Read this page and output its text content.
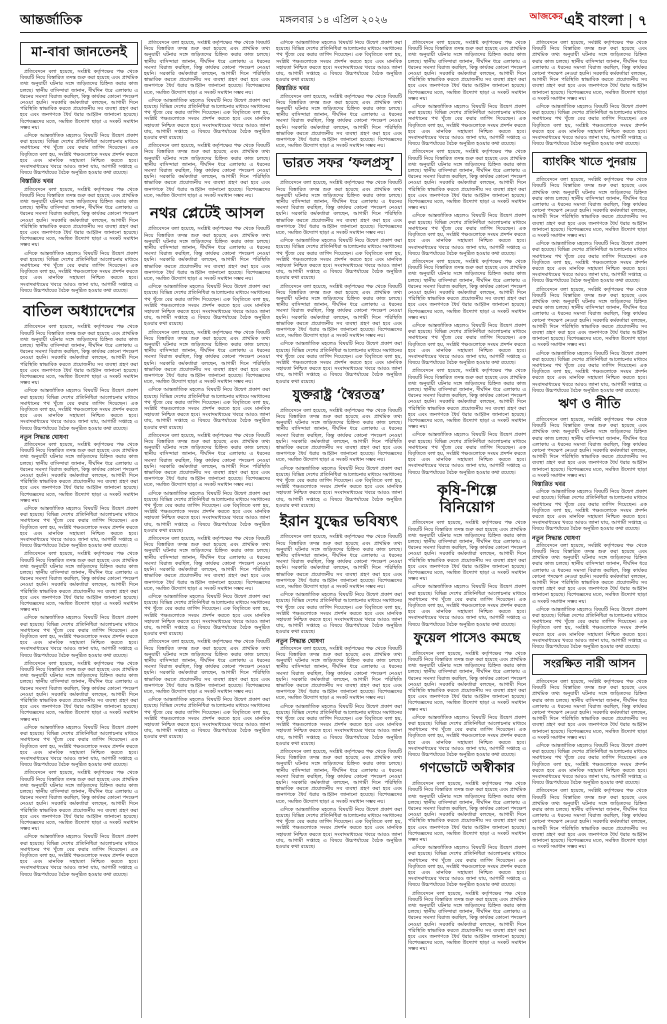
আন্তর্জাতিক	মঙ্গলবার ১৪ এপ্রিল ২০২৬	$^{আজকের}$এই বাংলা | ৭
মা-বাবা জানতেনই

প্রতিবেদনে বলা হয়েছে, সংশ্লিষ্ট কর্তৃপক্ষের পক্ষ থেকে বিষয়টি নিয়ে বিস্তারিত তদন্ত শুরু করা হয়েছে এবং প্রাথমিক তথ্য অনুযায়ী ঘটনার সঙ্গে জড়িতদের চিহ্নিত করার কাজ চলছে। স্থানীয় বাসিন্দারা জানান, দীর্ঘদিন ধরে এলাকায় এ ধরনের সমস্যা বিরাজ করছিল, কিন্তু কার্যকর কোনো পদক্ষেপ নেওয়া হয়নি। সরকারি কর্মকর্তারা বলছেন, আগামী দিনে পরিস্থিতি স্বাভাবিক করতে প্রয়োজনীয় সব ব্যবস্থা গ্রহণ করা হবে এবং জনগণকে ধৈর্য ধরার আহ্বান জানানো হয়েছে। বিশেষজ্ঞদের মতে, সমন্বিত উদ্যোগ ছাড়া এ সংকট সমাধান সম্ভব নয়।

এদিকে আন্তর্জাতিক মহলেও বিষয়টি নিয়ে উদ্বেগ প্রকাশ করা হয়েছে। বিভিন্ন দেশের প্রতিনিধিরা আলোচনার মাধ্যমে সমাধানের পথ খুঁজে বের করার তাগিদ দিয়েছেন। এক বিবৃতিতে বলা হয়, সংশ্লিষ্ট পক্ষগুলোকে সংযম প্রদর্শন করতে হবে এবং মানবিক সহায়তা নিশ্চিত করতে হবে। সংবাদমাধ্যমের খবরে আরও জানা যায়, আগামী সপ্তাহে এ বিষয়ে উচ্চপর্যায়ের বৈঠক অনুষ্ঠিত হওয়ার কথা রয়েছে।

বিস্তারিত খবর

প্রতিবেদনে বলা হয়েছে, সংশ্লিষ্ট কর্তৃপক্ষের পক্ষ থেকে বিষয়টি নিয়ে বিস্তারিত তদন্ত শুরু করা হয়েছে এবং প্রাথমিক তথ্য অনুযায়ী ঘটনার সঙ্গে জড়িতদের চিহ্নিত করার কাজ চলছে। স্থানীয় বাসিন্দারা জানান, দীর্ঘদিন ধরে এলাকায় এ ধরনের সমস্যা বিরাজ করছিল, কিন্তু কার্যকর কোনো পদক্ষেপ নেওয়া হয়নি। সরকারি কর্মকর্তারা বলছেন, আগামী দিনে পরিস্থিতি স্বাভাবিক করতে প্রয়োজনীয় সব ব্যবস্থা গ্রহণ করা হবে এবং জনগণকে ধৈর্য ধরার আহ্বান জানানো হয়েছে। বিশেষজ্ঞদের মতে, সমন্বিত উদ্যোগ ছাড়া এ সংকট সমাধান সম্ভব নয়।

এদিকে আন্তর্জাতিক মহলেও বিষয়টি নিয়ে উদ্বেগ প্রকাশ করা হয়েছে। বিভিন্ন দেশের প্রতিনিধিরা আলোচনার মাধ্যমে সমাধানের পথ খুঁজে বের করার তাগিদ দিয়েছেন। এক বিবৃতিতে বলা হয়, সংশ্লিষ্ট পক্ষগুলোকে সংযম প্রদর্শন করতে হবে এবং মানবিক সহায়তা নিশ্চিত করতে হবে। সংবাদমাধ্যমের খবরে আরও জানা যায়, আগামী সপ্তাহে এ বিষয়ে উচ্চপর্যায়ের বৈঠক অনুষ্ঠিত হওয়ার কথা রয়েছে।

বাতিল অধ্যাদেশের

প্রতিবেদনে বলা হয়েছে, সংশ্লিষ্ট কর্তৃপক্ষের পক্ষ থেকে বিষয়টি নিয়ে বিস্তারিত তদন্ত শুরু করা হয়েছে এবং প্রাথমিক তথ্য অনুযায়ী ঘটনার সঙ্গে জড়িতদের চিহ্নিত করার কাজ চলছে। স্থানীয় বাসিন্দারা জানান, দীর্ঘদিন ধরে এলাকায় এ ধরনের সমস্যা বিরাজ করছিল, কিন্তু কার্যকর কোনো পদক্ষেপ নেওয়া হয়নি। সরকারি কর্মকর্তারা বলছেন, আগামী দিনে পরিস্থিতি স্বাভাবিক করতে প্রয়োজনীয় সব ব্যবস্থা গ্রহণ করা হবে এবং জনগণকে ধৈর্য ধরার আহ্বান জানানো হয়েছে। বিশেষজ্ঞদের মতে, সমন্বিত উদ্যোগ ছাড়া এ সংকট সমাধান সম্ভব নয়।

এদিকে আন্তর্জাতিক মহলেও বিষয়টি নিয়ে উদ্বেগ প্রকাশ করা হয়েছে। বিভিন্ন দেশের প্রতিনিধিরা আলোচনার মাধ্যমে সমাধানের পথ খুঁজে বের করার তাগিদ দিয়েছেন। এক বিবৃতিতে বলা হয়, সংশ্লিষ্ট পক্ষগুলোকে সংযম প্রদর্শন করতে হবে এবং মানবিক সহায়তা নিশ্চিত করতে হবে। সংবাদমাধ্যমের খবরে আরও জানা যায়, আগামী সপ্তাহে এ বিষয়ে উচ্চপর্যায়ের বৈঠক অনুষ্ঠিত হওয়ার কথা রয়েছে।

নতুন সিদ্ধান্ত ঘোষণা

প্রতিবেদনে বলা হয়েছে, সংশ্লিষ্ট কর্তৃপক্ষের পক্ষ থেকে বিষয়টি নিয়ে বিস্তারিত তদন্ত শুরু করা হয়েছে এবং প্রাথমিক তথ্য অনুযায়ী ঘটনার সঙ্গে জড়িতদের চিহ্নিত করার কাজ চলছে। স্থানীয় বাসিন্দারা জানান, দীর্ঘদিন ধরে এলাকায় এ ধরনের সমস্যা বিরাজ করছিল, কিন্তু কার্যকর কোনো পদক্ষেপ নেওয়া হয়নি। সরকারি কর্মকর্তারা বলছেন, আগামী দিনে পরিস্থিতি স্বাভাবিক করতে প্রয়োজনীয় সব ব্যবস্থা গ্রহণ করা হবে এবং জনগণকে ধৈর্য ধরার আহ্বান জানানো হয়েছে। বিশেষজ্ঞদের মতে, সমন্বিত উদ্যোগ ছাড়া এ সংকট সমাধান সম্ভব নয়।

এদিকে আন্তর্জাতিক মহলেও বিষয়টি নিয়ে উদ্বেগ প্রকাশ করা হয়েছে। বিভিন্ন দেশের প্রতিনিধিরা আলোচনার মাধ্যমে সমাধানের পথ খুঁজে বের করার তাগিদ দিয়েছেন। এক বিবৃতিতে বলা হয়, সংশ্লিষ্ট পক্ষগুলোকে সংযম প্রদর্শন করতে হবে এবং মানবিক সহায়তা নিশ্চিত করতে হবে। সংবাদমাধ্যমের খবরে আরও জানা যায়, আগামী সপ্তাহে এ বিষয়ে উচ্চপর্যায়ের বৈঠক অনুষ্ঠিত হওয়ার কথা রয়েছে।

প্রতিবেদনে বলা হয়েছে, সংশ্লিষ্ট কর্তৃপক্ষের পক্ষ থেকে বিষয়টি নিয়ে বিস্তারিত তদন্ত শুরু করা হয়েছে এবং প্রাথমিক তথ্য অনুযায়ী ঘটনার সঙ্গে জড়িতদের চিহ্নিত করার কাজ চলছে। স্থানীয় বাসিন্দারা জানান, দীর্ঘদিন ধরে এলাকায় এ ধরনের সমস্যা বিরাজ করছিল, কিন্তু কার্যকর কোনো পদক্ষেপ নেওয়া হয়নি। সরকারি কর্মকর্তারা বলছেন, আগামী দিনে পরিস্থিতি স্বাভাবিক করতে প্রয়োজনীয় সব ব্যবস্থা গ্রহণ করা হবে এবং জনগণকে ধৈর্য ধরার আহ্বান জানানো হয়েছে। বিশেষজ্ঞদের মতে, সমন্বিত উদ্যোগ ছাড়া এ সংকট সমাধান সম্ভব নয়।

এদিকে আন্তর্জাতিক মহলেও বিষয়টি নিয়ে উদ্বেগ প্রকাশ করা হয়েছে। বিভিন্ন দেশের প্রতিনিধিরা আলোচনার মাধ্যমে সমাধানের পথ খুঁজে বের করার তাগিদ দিয়েছেন। এক বিবৃতিতে বলা হয়, সংশ্লিষ্ট পক্ষগুলোকে সংযম প্রদর্শন করতে হবে এবং মানবিক সহায়তা নিশ্চিত করতে হবে। সংবাদমাধ্যমের খবরে আরও জানা যায়, আগামী সপ্তাহে এ বিষয়ে উচ্চপর্যায়ের বৈঠক অনুষ্ঠিত হওয়ার কথা রয়েছে।

প্রতিবেদনে বলা হয়েছে, সংশ্লিষ্ট কর্তৃপক্ষের পক্ষ থেকে বিষয়টি নিয়ে বিস্তারিত তদন্ত শুরু করা হয়েছে এবং প্রাথমিক তথ্য অনুযায়ী ঘটনার সঙ্গে জড়িতদের চিহ্নিত করার কাজ চলছে। স্থানীয় বাসিন্দারা জানান, দীর্ঘদিন ধরে এলাকায় এ ধরনের সমস্যা বিরাজ করছিল, কিন্তু কার্যকর কোনো পদক্ষেপ নেওয়া হয়নি। সরকারি কর্মকর্তারা বলছেন, আগামী দিনে পরিস্থিতি স্বাভাবিক করতে প্রয়োজনীয় সব ব্যবস্থা গ্রহণ করা হবে এবং জনগণকে ধৈর্য ধরার আহ্বান জানানো হয়েছে। বিশেষজ্ঞদের মতে, সমন্বিত উদ্যোগ ছাড়া এ সংকট সমাধান সম্ভব নয়।

এদিকে আন্তর্জাতিক মহলেও বিষয়টি নিয়ে উদ্বেগ প্রকাশ করা হয়েছে। বিভিন্ন দেশের প্রতিনিধিরা আলোচনার মাধ্যমে সমাধানের পথ খুঁজে বের করার তাগিদ দিয়েছেন। এক বিবৃতিতে বলা হয়, সংশ্লিষ্ট পক্ষগুলোকে সংযম প্রদর্শন করতে হবে এবং মানবিক সহায়তা নিশ্চিত করতে হবে। সংবাদমাধ্যমের খবরে আরও জানা যায়, আগামী সপ্তাহে এ বিষয়ে উচ্চপর্যায়ের বৈঠক অনুষ্ঠিত হওয়ার কথা রয়েছে।

প্রতিবেদনে বলা হয়েছে, সংশ্লিষ্ট কর্তৃপক্ষের পক্ষ থেকে বিষয়টি নিয়ে বিস্তারিত তদন্ত শুরু করা হয়েছে এবং প্রাথমিক তথ্য অনুযায়ী ঘটনার সঙ্গে জড়িতদের চিহ্নিত করার কাজ চলছে। স্থানীয় বাসিন্দারা জানান, দীর্ঘদিন ধরে এলাকায় এ ধরনের সমস্যা বিরাজ করছিল, কিন্তু কার্যকর কোনো পদক্ষেপ নেওয়া হয়নি। সরকারি কর্মকর্তারা বলছেন, আগামী দিনে পরিস্থিতি স্বাভাবিক করতে প্রয়োজনীয় সব ব্যবস্থা গ্রহণ করা হবে এবং জনগণকে ধৈর্য ধরার আহ্বান জানানো হয়েছে। বিশেষজ্ঞদের মতে, সমন্বিত উদ্যোগ ছাড়া এ সংকট সমাধান সম্ভব নয়।

এদিকে আন্তর্জাতিক মহলেও বিষয়টি নিয়ে উদ্বেগ প্রকাশ করা হয়েছে। বিভিন্ন দেশের প্রতিনিধিরা আলোচনার মাধ্যমে সমাধানের পথ খুঁজে বের করার তাগিদ দিয়েছেন। এক বিবৃতিতে বলা হয়, সংশ্লিষ্ট পক্ষগুলোকে সংযম প্রদর্শন করতে হবে এবং মানবিক সহায়তা নিশ্চিত করতে হবে। সংবাদমাধ্যমের খবরে আরও জানা যায়, আগামী সপ্তাহে এ বিষয়ে উচ্চপর্যায়ের বৈঠক অনুষ্ঠিত হওয়ার কথা রয়েছে।

প্রতিবেদনে বলা হয়েছে, সংশ্লিষ্ট কর্তৃপক্ষের পক্ষ থেকে বিষয়টি নিয়ে বিস্তারিত তদন্ত শুরু করা হয়েছে এবং প্রাথমিক তথ্য অনুযায়ী ঘটনার সঙ্গে জড়িতদের চিহ্নিত করার কাজ চলছে। স্থানীয় বাসিন্দারা জানান, দীর্ঘদিন ধরে এলাকায় এ ধরনের সমস্যা বিরাজ করছিল, কিন্তু কার্যকর কোনো পদক্ষেপ নেওয়া হয়নি। সরকারি কর্মকর্তারা বলছেন, আগামী দিনে পরিস্থিতি স্বাভাবিক করতে প্রয়োজনীয় সব ব্যবস্থা গ্রহণ করা হবে এবং জনগণকে ধৈর্য ধরার আহ্বান জানানো হয়েছে। বিশেষজ্ঞদের মতে, সমন্বিত উদ্যোগ ছাড়া এ সংকট সমাধান সম্ভব নয়।

এদিকে আন্তর্জাতিক মহলেও বিষয়টি নিয়ে উদ্বেগ প্রকাশ করা হয়েছে। বিভিন্ন দেশের প্রতিনিধিরা আলোচনার মাধ্যমে সমাধানের পথ খুঁজে বের করার তাগিদ দিয়েছেন। এক বিবৃতিতে বলা হয়, সংশ্লিষ্ট পক্ষগুলোকে সংযম প্রদর্শন করতে হবে এবং মানবিক সহায়তা নিশ্চিত করতে হবে। সংবাদমাধ্যমের খবরে আরও জানা যায়, আগামী সপ্তাহে এ বিষয়ে উচ্চপর্যায়ের বৈঠক অনুষ্ঠিত হওয়ার কথা রয়েছে।

প্রতিবেদনে বলা হয়েছে, সংশ্লিষ্ট কর্তৃপক্ষের পক্ষ থেকে বিষয়টি নিয়ে বিস্তারিত তদন্ত শুরু করা হয়েছে এবং প্রাথমিক তথ্য অনুযায়ী ঘটনার সঙ্গে জড়িতদের চিহ্নিত করার কাজ চলছে। স্থানীয় বাসিন্দারা জানান, দীর্ঘদিন ধরে এলাকায় এ ধরনের সমস্যা বিরাজ করছিল, কিন্তু কার্যকর কোনো পদক্ষেপ নেওয়া হয়নি। সরকারি কর্মকর্তারা বলছেন, আগামী দিনে পরিস্থিতি স্বাভাবিক করতে প্রয়োজনীয় সব ব্যবস্থা গ্রহণ করা হবে এবং জনগণকে ধৈর্য ধরার আহ্বান জানানো হয়েছে। বিশেষজ্ঞদের মতে, সমন্বিত উদ্যোগ ছাড়া এ সংকট সমাধান সম্ভব নয়।

নথর প্লেটেই আসল

প্রতিবেদনে বলা হয়েছে, সংশ্লিষ্ট কর্তৃপক্ষের পক্ষ থেকে বিষয়টি নিয়ে বিস্তারিত তদন্ত শুরু করা হয়েছে এবং প্রাথমিক তথ্য অনুযায়ী ঘটনার সঙ্গে জড়িতদের চিহ্নিত করার কাজ চলছে। স্থানীয় বাসিন্দারা জানান, দীর্ঘদিন ধরে এলাকায় এ ধরনের সমস্যা বিরাজ করছিল, কিন্তু কার্যকর কোনো পদক্ষেপ নেওয়া হয়নি। সরকারি কর্মকর্তারা বলছেন, আগামী দিনে পরিস্থিতি স্বাভাবিক করতে প্রয়োজনীয় সব ব্যবস্থা গ্রহণ করা হবে এবং জনগণকে ধৈর্য ধরার আহ্বান জানানো হয়েছে। বিশেষজ্ঞদের মতে, সমন্বিত উদ্যোগ ছাড়া এ সংকট সমাধান সম্ভব নয়।

এদিকে আন্তর্জাতিক মহলেও বিষয়টি নিয়ে উদ্বেগ প্রকাশ করা হয়েছে। বিভিন্ন দেশের প্রতিনিধিরা আলোচনার মাধ্যমে সমাধানের পথ খুঁজে বের করার তাগিদ দিয়েছেন। এক বিবৃতিতে বলা হয়, সংশ্লিষ্ট পক্ষগুলোকে সংযম প্রদর্শন করতে হবে এবং মানবিক সহায়তা নিশ্চিত করতে হবে। সংবাদমাধ্যমের খবরে আরও জানা যায়, আগামী সপ্তাহে এ বিষয়ে উচ্চপর্যায়ের বৈঠক অনুষ্ঠিত হওয়ার কথা রয়েছে।

প্রতিবেদনে বলা হয়েছে, সংশ্লিষ্ট কর্তৃপক্ষের পক্ষ থেকে বিষয়টি নিয়ে বিস্তারিত তদন্ত শুরু করা হয়েছে এবং প্রাথমিক তথ্য অনুযায়ী ঘটনার সঙ্গে জড়িতদের চিহ্নিত করার কাজ চলছে। স্থানীয় বাসিন্দারা জানান, দীর্ঘদিন ধরে এলাকায় এ ধরনের সমস্যা বিরাজ করছিল, কিন্তু কার্যকর কোনো পদক্ষেপ নেওয়া হয়নি। সরকারি কর্মকর্তারা বলছেন, আগামী দিনে পরিস্থিতি স্বাভাবিক করতে প্রয়োজনীয় সব ব্যবস্থা গ্রহণ করা হবে এবং জনগণকে ধৈর্য ধরার আহ্বান জানানো হয়েছে। বিশেষজ্ঞদের মতে, সমন্বিত উদ্যোগ ছাড়া এ সংকট সমাধান সম্ভব নয়।

এদিকে আন্তর্জাতিক মহলেও বিষয়টি নিয়ে উদ্বেগ প্রকাশ করা হয়েছে। বিভিন্ন দেশের প্রতিনিধিরা আলোচনার মাধ্যমে সমাধানের পথ খুঁজে বের করার তাগিদ দিয়েছেন। এক বিবৃতিতে বলা হয়, সংশ্লিষ্ট পক্ষগুলোকে সংযম প্রদর্শন করতে হবে এবং মানবিক সহায়তা নিশ্চিত করতে হবে। সংবাদমাধ্যমের খবরে আরও জানা যায়, আগামী সপ্তাহে এ বিষয়ে উচ্চপর্যায়ের বৈঠক অনুষ্ঠিত হওয়ার কথা রয়েছে।

প্রতিবেদনে বলা হয়েছে, সংশ্লিষ্ট কর্তৃপক্ষের পক্ষ থেকে বিষয়টি নিয়ে বিস্তারিত তদন্ত শুরু করা হয়েছে এবং প্রাথমিক তথ্য অনুযায়ী ঘটনার সঙ্গে জড়িতদের চিহ্নিত করার কাজ চলছে। স্থানীয় বাসিন্দারা জানান, দীর্ঘদিন ধরে এলাকায় এ ধরনের সমস্যা বিরাজ করছিল, কিন্তু কার্যকর কোনো পদক্ষেপ নেওয়া হয়নি। সরকারি কর্মকর্তারা বলছেন, আগামী দিনে পরিস্থিতি স্বাভাবিক করতে প্রয়োজনীয় সব ব্যবস্থা গ্রহণ করা হবে এবং জনগণকে ধৈর্য ধরার আহ্বান জানানো হয়েছে। বিশেষজ্ঞদের মতে, সমন্বিত উদ্যোগ ছাড়া এ সংকট সমাধান সম্ভব নয়।

এদিকে আন্তর্জাতিক মহলেও বিষয়টি নিয়ে উদ্বেগ প্রকাশ করা হয়েছে। বিভিন্ন দেশের প্রতিনিধিরা আলোচনার মাধ্যমে সমাধানের পথ খুঁজে বের করার তাগিদ দিয়েছেন। এক বিবৃতিতে বলা হয়, সংশ্লিষ্ট পক্ষগুলোকে সংযম প্রদর্শন করতে হবে এবং মানবিক সহায়তা নিশ্চিত করতে হবে। সংবাদমাধ্যমের খবরে আরও জানা যায়, আগামী সপ্তাহে এ বিষয়ে উচ্চপর্যায়ের বৈঠক অনুষ্ঠিত হওয়ার কথা রয়েছে।

প্রতিবেদনে বলা হয়েছে, সংশ্লিষ্ট কর্তৃপক্ষের পক্ষ থেকে বিষয়টি নিয়ে বিস্তারিত তদন্ত শুরু করা হয়েছে এবং প্রাথমিক তথ্য অনুযায়ী ঘটনার সঙ্গে জড়িতদের চিহ্নিত করার কাজ চলছে। স্থানীয় বাসিন্দারা জানান, দীর্ঘদিন ধরে এলাকায় এ ধরনের সমস্যা বিরাজ করছিল, কিন্তু কার্যকর কোনো পদক্ষেপ নেওয়া হয়নি। সরকারি কর্মকর্তারা বলছেন, আগামী দিনে পরিস্থিতি স্বাভাবিক করতে প্রয়োজনীয় সব ব্যবস্থা গ্রহণ করা হবে এবং জনগণকে ধৈর্য ধরার আহ্বান জানানো হয়েছে। বিশেষজ্ঞদের মতে, সমন্বিত উদ্যোগ ছাড়া এ সংকট সমাধান সম্ভব নয়।

এদিকে আন্তর্জাতিক মহলেও বিষয়টি নিয়ে উদ্বেগ প্রকাশ করা হয়েছে। বিভিন্ন দেশের প্রতিনিধিরা আলোচনার মাধ্যমে সমাধানের পথ খুঁজে বের করার তাগিদ দিয়েছেন। এক বিবৃতিতে বলা হয়, সংশ্লিষ্ট পক্ষগুলোকে সংযম প্রদর্শন করতে হবে এবং মানবিক সহায়তা নিশ্চিত করতে হবে। সংবাদমাধ্যমের খবরে আরও জানা যায়, আগামী সপ্তাহে এ বিষয়ে উচ্চপর্যায়ের বৈঠক অনুষ্ঠিত হওয়ার কথা রয়েছে।

প্রতিবেদনে বলা হয়েছে, সংশ্লিষ্ট কর্তৃপক্ষের পক্ষ থেকে বিষয়টি নিয়ে বিস্তারিত তদন্ত শুরু করা হয়েছে এবং প্রাথমিক তথ্য অনুযায়ী ঘটনার সঙ্গে জড়িতদের চিহ্নিত করার কাজ চলছে। স্থানীয় বাসিন্দারা জানান, দীর্ঘদিন ধরে এলাকায় এ ধরনের সমস্যা বিরাজ করছিল, কিন্তু কার্যকর কোনো পদক্ষেপ নেওয়া হয়নি। সরকারি কর্মকর্তারা বলছেন, আগামী দিনে পরিস্থিতি স্বাভাবিক করতে প্রয়োজনীয় সব ব্যবস্থা গ্রহণ করা হবে এবং জনগণকে ধৈর্য ধরার আহ্বান জানানো হয়েছে। বিশেষজ্ঞদের মতে, সমন্বিত উদ্যোগ ছাড়া এ সংকট সমাধান সম্ভব নয়।

এদিকে আন্তর্জাতিক মহলেও বিষয়টি নিয়ে উদ্বেগ প্রকাশ করা হয়েছে। বিভিন্ন দেশের প্রতিনিধিরা আলোচনার মাধ্যমে সমাধানের পথ খুঁজে বের করার তাগিদ দিয়েছেন। এক বিবৃতিতে বলা হয়, সংশ্লিষ্ট পক্ষগুলোকে সংযম প্রদর্শন করতে হবে এবং মানবিক সহায়তা নিশ্চিত করতে হবে। সংবাদমাধ্যমের খবরে আরও জানা যায়, আগামী সপ্তাহে এ বিষয়ে উচ্চপর্যায়ের বৈঠক অনুষ্ঠিত হওয়ার কথা রয়েছে।

এদিকে আন্তর্জাতিক মহলেও বিষয়টি নিয়ে উদ্বেগ প্রকাশ করা হয়েছে। বিভিন্ন দেশের প্রতিনিধিরা আলোচনার মাধ্যমে সমাধানের পথ খুঁজে বের করার তাগিদ দিয়েছেন। এক বিবৃতিতে বলা হয়, সংশ্লিষ্ট পক্ষগুলোকে সংযম প্রদর্শন করতে হবে এবং মানবিক সহায়তা নিশ্চিত করতে হবে। সংবাদমাধ্যমের খবরে আরও জানা যায়, আগামী সপ্তাহে এ বিষয়ে উচ্চপর্যায়ের বৈঠক অনুষ্ঠিত হওয়ার কথা রয়েছে।

বিস্তারিত খবর

প্রতিবেদনে বলা হয়েছে, সংশ্লিষ্ট কর্তৃপক্ষের পক্ষ থেকে বিষয়টি নিয়ে বিস্তারিত তদন্ত শুরু করা হয়েছে এবং প্রাথমিক তথ্য অনুযায়ী ঘটনার সঙ্গে জড়িতদের চিহ্নিত করার কাজ চলছে। স্থানীয় বাসিন্দারা জানান, দীর্ঘদিন ধরে এলাকায় এ ধরনের সমস্যা বিরাজ করছিল, কিন্তু কার্যকর কোনো পদক্ষেপ নেওয়া হয়নি। সরকারি কর্মকর্তারা বলছেন, আগামী দিনে পরিস্থিতি স্বাভাবিক করতে প্রয়োজনীয় সব ব্যবস্থা গ্রহণ করা হবে এবং জনগণকে ধৈর্য ধরার আহ্বান জানানো হয়েছে। বিশেষজ্ঞদের মতে, সমন্বিত উদ্যোগ ছাড়া এ সংকট সমাধান সম্ভব নয়।

ভারত সফর ‘ফলপ্রসূ’

প্রতিবেদনে বলা হয়েছে, সংশ্লিষ্ট কর্তৃপক্ষের পক্ষ থেকে বিষয়টি নিয়ে বিস্তারিত তদন্ত শুরু করা হয়েছে এবং প্রাথমিক তথ্য অনুযায়ী ঘটনার সঙ্গে জড়িতদের চিহ্নিত করার কাজ চলছে। স্থানীয় বাসিন্দারা জানান, দীর্ঘদিন ধরে এলাকায় এ ধরনের সমস্যা বিরাজ করছিল, কিন্তু কার্যকর কোনো পদক্ষেপ নেওয়া হয়নি। সরকারি কর্মকর্তারা বলছেন, আগামী দিনে পরিস্থিতি স্বাভাবিক করতে প্রয়োজনীয় সব ব্যবস্থা গ্রহণ করা হবে এবং জনগণকে ধৈর্য ধরার আহ্বান জানানো হয়েছে। বিশেষজ্ঞদের মতে, সমন্বিত উদ্যোগ ছাড়া এ সংকট সমাধান সম্ভব নয়।

এদিকে আন্তর্জাতিক মহলেও বিষয়টি নিয়ে উদ্বেগ প্রকাশ করা হয়েছে। বিভিন্ন দেশের প্রতিনিধিরা আলোচনার মাধ্যমে সমাধানের পথ খুঁজে বের করার তাগিদ দিয়েছেন। এক বিবৃতিতে বলা হয়, সংশ্লিষ্ট পক্ষগুলোকে সংযম প্রদর্শন করতে হবে এবং মানবিক সহায়তা নিশ্চিত করতে হবে। সংবাদমাধ্যমের খবরে আরও জানা যায়, আগামী সপ্তাহে এ বিষয়ে উচ্চপর্যায়ের বৈঠক অনুষ্ঠিত হওয়ার কথা রয়েছে।

প্রতিবেদনে বলা হয়েছে, সংশ্লিষ্ট কর্তৃপক্ষের পক্ষ থেকে বিষয়টি নিয়ে বিস্তারিত তদন্ত শুরু করা হয়েছে এবং প্রাথমিক তথ্য অনুযায়ী ঘটনার সঙ্গে জড়িতদের চিহ্নিত করার কাজ চলছে। স্থানীয় বাসিন্দারা জানান, দীর্ঘদিন ধরে এলাকায় এ ধরনের সমস্যা বিরাজ করছিল, কিন্তু কার্যকর কোনো পদক্ষেপ নেওয়া হয়নি। সরকারি কর্মকর্তারা বলছেন, আগামী দিনে পরিস্থিতি স্বাভাবিক করতে প্রয়োজনীয় সব ব্যবস্থা গ্রহণ করা হবে এবং জনগণকে ধৈর্য ধরার আহ্বান জানানো হয়েছে। বিশেষজ্ঞদের মতে, সমন্বিত উদ্যোগ ছাড়া এ সংকট সমাধান সম্ভব নয়।

এদিকে আন্তর্জাতিক মহলেও বিষয়টি নিয়ে উদ্বেগ প্রকাশ করা হয়েছে। বিভিন্ন দেশের প্রতিনিধিরা আলোচনার মাধ্যমে সমাধানের পথ খুঁজে বের করার তাগিদ দিয়েছেন। এক বিবৃতিতে বলা হয়, সংশ্লিষ্ট পক্ষগুলোকে সংযম প্রদর্শন করতে হবে এবং মানবিক সহায়তা নিশ্চিত করতে হবে। সংবাদমাধ্যমের খবরে আরও জানা যায়, আগামী সপ্তাহে এ বিষয়ে উচ্চপর্যায়ের বৈঠক অনুষ্ঠিত হওয়ার কথা রয়েছে।

যুক্তরাষ্ট্র ‘স্বৈরতন্ত্র’

প্রতিবেদনে বলা হয়েছে, সংশ্লিষ্ট কর্তৃপক্ষের পক্ষ থেকে বিষয়টি নিয়ে বিস্তারিত তদন্ত শুরু করা হয়েছে এবং প্রাথমিক তথ্য অনুযায়ী ঘটনার সঙ্গে জড়িতদের চিহ্নিত করার কাজ চলছে। স্থানীয় বাসিন্দারা জানান, দীর্ঘদিন ধরে এলাকায় এ ধরনের সমস্যা বিরাজ করছিল, কিন্তু কার্যকর কোনো পদক্ষেপ নেওয়া হয়নি। সরকারি কর্মকর্তারা বলছেন, আগামী দিনে পরিস্থিতি স্বাভাবিক করতে প্রয়োজনীয় সব ব্যবস্থা গ্রহণ করা হবে এবং জনগণকে ধৈর্য ধরার আহ্বান জানানো হয়েছে। বিশেষজ্ঞদের মতে, সমন্বিত উদ্যোগ ছাড়া এ সংকট সমাধান সম্ভব নয়।

এদিকে আন্তর্জাতিক মহলেও বিষয়টি নিয়ে উদ্বেগ প্রকাশ করা হয়েছে। বিভিন্ন দেশের প্রতিনিধিরা আলোচনার মাধ্যমে সমাধানের পথ খুঁজে বের করার তাগিদ দিয়েছেন। এক বিবৃতিতে বলা হয়, সংশ্লিষ্ট পক্ষগুলোকে সংযম প্রদর্শন করতে হবে এবং মানবিক সহায়তা নিশ্চিত করতে হবে। সংবাদমাধ্যমের খবরে আরও জানা যায়, আগামী সপ্তাহে এ বিষয়ে উচ্চপর্যায়ের বৈঠক অনুষ্ঠিত হওয়ার কথা রয়েছে।

ইরান যুদ্ধের ভবিষ্যৎ

প্রতিবেদনে বলা হয়েছে, সংশ্লিষ্ট কর্তৃপক্ষের পক্ষ থেকে বিষয়টি নিয়ে বিস্তারিত তদন্ত শুরু করা হয়েছে এবং প্রাথমিক তথ্য অনুযায়ী ঘটনার সঙ্গে জড়িতদের চিহ্নিত করার কাজ চলছে। স্থানীয় বাসিন্দারা জানান, দীর্ঘদিন ধরে এলাকায় এ ধরনের সমস্যা বিরাজ করছিল, কিন্তু কার্যকর কোনো পদক্ষেপ নেওয়া হয়নি। সরকারি কর্মকর্তারা বলছেন, আগামী দিনে পরিস্থিতি স্বাভাবিক করতে প্রয়োজনীয় সব ব্যবস্থা গ্রহণ করা হবে এবং জনগণকে ধৈর্য ধরার আহ্বান জানানো হয়েছে। বিশেষজ্ঞদের মতে, সমন্বিত উদ্যোগ ছাড়া এ সংকট সমাধান সম্ভব নয়।

এদিকে আন্তর্জাতিক মহলেও বিষয়টি নিয়ে উদ্বেগ প্রকাশ করা হয়েছে। বিভিন্ন দেশের প্রতিনিধিরা আলোচনার মাধ্যমে সমাধানের পথ খুঁজে বের করার তাগিদ দিয়েছেন। এক বিবৃতিতে বলা হয়, সংশ্লিষ্ট পক্ষগুলোকে সংযম প্রদর্শন করতে হবে এবং মানবিক সহায়তা নিশ্চিত করতে হবে। সংবাদমাধ্যমের খবরে আরও জানা যায়, আগামী সপ্তাহে এ বিষয়ে উচ্চপর্যায়ের বৈঠক অনুষ্ঠিত হওয়ার কথা রয়েছে।

নতুন সিদ্ধান্ত ঘোষণা

প্রতিবেদনে বলা হয়েছে, সংশ্লিষ্ট কর্তৃপক্ষের পক্ষ থেকে বিষয়টি নিয়ে বিস্তারিত তদন্ত শুরু করা হয়েছে এবং প্রাথমিক তথ্য অনুযায়ী ঘটনার সঙ্গে জড়িতদের চিহ্নিত করার কাজ চলছে। স্থানীয় বাসিন্দারা জানান, দীর্ঘদিন ধরে এলাকায় এ ধরনের সমস্যা বিরাজ করছিল, কিন্তু কার্যকর কোনো পদক্ষেপ নেওয়া হয়নি। সরকারি কর্মকর্তারা বলছেন, আগামী দিনে পরিস্থিতি স্বাভাবিক করতে প্রয়োজনীয় সব ব্যবস্থা গ্রহণ করা হবে এবং জনগণকে ধৈর্য ধরার আহ্বান জানানো হয়েছে। বিশেষজ্ঞদের মতে, সমন্বিত উদ্যোগ ছাড়া এ সংকট সমাধান সম্ভব নয়।

এদিকে আন্তর্জাতিক মহলেও বিষয়টি নিয়ে উদ্বেগ প্রকাশ করা হয়েছে। বিভিন্ন দেশের প্রতিনিধিরা আলোচনার মাধ্যমে সমাধানের পথ খুঁজে বের করার তাগিদ দিয়েছেন। এক বিবৃতিতে বলা হয়, সংশ্লিষ্ট পক্ষগুলোকে সংযম প্রদর্শন করতে হবে এবং মানবিক সহায়তা নিশ্চিত করতে হবে। সংবাদমাধ্যমের খবরে আরও জানা যায়, আগামী সপ্তাহে এ বিষয়ে উচ্চপর্যায়ের বৈঠক অনুষ্ঠিত হওয়ার কথা রয়েছে।

প্রতিবেদনে বলা হয়েছে, সংশ্লিষ্ট কর্তৃপক্ষের পক্ষ থেকে বিষয়টি নিয়ে বিস্তারিত তদন্ত শুরু করা হয়েছে এবং প্রাথমিক তথ্য অনুযায়ী ঘটনার সঙ্গে জড়িতদের চিহ্নিত করার কাজ চলছে। স্থানীয় বাসিন্দারা জানান, দীর্ঘদিন ধরে এলাকায় এ ধরনের সমস্যা বিরাজ করছিল, কিন্তু কার্যকর কোনো পদক্ষেপ নেওয়া হয়নি। সরকারি কর্মকর্তারা বলছেন, আগামী দিনে পরিস্থিতি স্বাভাবিক করতে প্রয়োজনীয় সব ব্যবস্থা গ্রহণ করা হবে এবং জনগণকে ধৈর্য ধরার আহ্বান জানানো হয়েছে। বিশেষজ্ঞদের মতে, সমন্বিত উদ্যোগ ছাড়া এ সংকট সমাধান সম্ভব নয়।

এদিকে আন্তর্জাতিক মহলেও বিষয়টি নিয়ে উদ্বেগ প্রকাশ করা হয়েছে। বিভিন্ন দেশের প্রতিনিধিরা আলোচনার মাধ্যমে সমাধানের পথ খুঁজে বের করার তাগিদ দিয়েছেন। এক বিবৃতিতে বলা হয়, সংশ্লিষ্ট পক্ষগুলোকে সংযম প্রদর্শন করতে হবে এবং মানবিক সহায়তা নিশ্চিত করতে হবে। সংবাদমাধ্যমের খবরে আরও জানা যায়, আগামী সপ্তাহে এ বিষয়ে উচ্চপর্যায়ের বৈঠক অনুষ্ঠিত হওয়ার কথা রয়েছে।

প্রতিবেদনে বলা হয়েছে, সংশ্লিষ্ট কর্তৃপক্ষের পক্ষ থেকে বিষয়টি নিয়ে বিস্তারিত তদন্ত শুরু করা হয়েছে এবং প্রাথমিক তথ্য অনুযায়ী ঘটনার সঙ্গে জড়িতদের চিহ্নিত করার কাজ চলছে। স্থানীয় বাসিন্দারা জানান, দীর্ঘদিন ধরে এলাকায় এ ধরনের সমস্যা বিরাজ করছিল, কিন্তু কার্যকর কোনো পদক্ষেপ নেওয়া হয়নি। সরকারি কর্মকর্তারা বলছেন, আগামী দিনে পরিস্থিতি স্বাভাবিক করতে প্রয়োজনীয় সব ব্যবস্থা গ্রহণ করা হবে এবং জনগণকে ধৈর্য ধরার আহ্বান জানানো হয়েছে। বিশেষজ্ঞদের মতে, সমন্বিত উদ্যোগ ছাড়া এ সংকট সমাধান সম্ভব নয়।

এদিকে আন্তর্জাতিক মহলেও বিষয়টি নিয়ে উদ্বেগ প্রকাশ করা হয়েছে। বিভিন্ন দেশের প্রতিনিধিরা আলোচনার মাধ্যমে সমাধানের পথ খুঁজে বের করার তাগিদ দিয়েছেন। এক বিবৃতিতে বলা হয়, সংশ্লিষ্ট পক্ষগুলোকে সংযম প্রদর্শন করতে হবে এবং মানবিক সহায়তা নিশ্চিত করতে হবে। সংবাদমাধ্যমের খবরে আরও জানা যায়, আগামী সপ্তাহে এ বিষয়ে উচ্চপর্যায়ের বৈঠক অনুষ্ঠিত হওয়ার কথা রয়েছে।

প্রতিবেদনে বলা হয়েছে, সংশ্লিষ্ট কর্তৃপক্ষের পক্ষ থেকে বিষয়টি নিয়ে বিস্তারিত তদন্ত শুরু করা হয়েছে এবং প্রাথমিক তথ্য অনুযায়ী ঘটনার সঙ্গে জড়িতদের চিহ্নিত করার কাজ চলছে। স্থানীয় বাসিন্দারা জানান, দীর্ঘদিন ধরে এলাকায় এ ধরনের সমস্যা বিরাজ করছিল, কিন্তু কার্যকর কোনো পদক্ষেপ নেওয়া হয়নি। সরকারি কর্মকর্তারা বলছেন, আগামী দিনে পরিস্থিতি স্বাভাবিক করতে প্রয়োজনীয় সব ব্যবস্থা গ্রহণ করা হবে এবং জনগণকে ধৈর্য ধরার আহ্বান জানানো হয়েছে। বিশেষজ্ঞদের মতে, সমন্বিত উদ্যোগ ছাড়া এ সংকট সমাধান সম্ভব নয়।

এদিকে আন্তর্জাতিক মহলেও বিষয়টি নিয়ে উদ্বেগ প্রকাশ করা হয়েছে। বিভিন্ন দেশের প্রতিনিধিরা আলোচনার মাধ্যমে সমাধানের পথ খুঁজে বের করার তাগিদ দিয়েছেন। এক বিবৃতিতে বলা হয়, সংশ্লিষ্ট পক্ষগুলোকে সংযম প্রদর্শন করতে হবে এবং মানবিক সহায়তা নিশ্চিত করতে হবে। সংবাদমাধ্যমের খবরে আরও জানা যায়, আগামী সপ্তাহে এ বিষয়ে উচ্চপর্যায়ের বৈঠক অনুষ্ঠিত হওয়ার কথা রয়েছে।

প্রতিবেদনে বলা হয়েছে, সংশ্লিষ্ট কর্তৃপক্ষের পক্ষ থেকে বিষয়টি নিয়ে বিস্তারিত তদন্ত শুরু করা হয়েছে এবং প্রাথমিক তথ্য অনুযায়ী ঘটনার সঙ্গে জড়িতদের চিহ্নিত করার কাজ চলছে। স্থানীয় বাসিন্দারা জানান, দীর্ঘদিন ধরে এলাকায় এ ধরনের সমস্যা বিরাজ করছিল, কিন্তু কার্যকর কোনো পদক্ষেপ নেওয়া হয়নি। সরকারি কর্মকর্তারা বলছেন, আগামী দিনে পরিস্থিতি স্বাভাবিক করতে প্রয়োজনীয় সব ব্যবস্থা গ্রহণ করা হবে এবং জনগণকে ধৈর্য ধরার আহ্বান জানানো হয়েছে। বিশেষজ্ঞদের মতে, সমন্বিত উদ্যোগ ছাড়া এ সংকট সমাধান সম্ভব নয়।

এদিকে আন্তর্জাতিক মহলেও বিষয়টি নিয়ে উদ্বেগ প্রকাশ করা হয়েছে। বিভিন্ন দেশের প্রতিনিধিরা আলোচনার মাধ্যমে সমাধানের পথ খুঁজে বের করার তাগিদ দিয়েছেন। এক বিবৃতিতে বলা হয়, সংশ্লিষ্ট পক্ষগুলোকে সংযম প্রদর্শন করতে হবে এবং মানবিক সহায়তা নিশ্চিত করতে হবে। সংবাদমাধ্যমের খবরে আরও জানা যায়, আগামী সপ্তাহে এ বিষয়ে উচ্চপর্যায়ের বৈঠক অনুষ্ঠিত হওয়ার কথা রয়েছে।

প্রতিবেদনে বলা হয়েছে, সংশ্লিষ্ট কর্তৃপক্ষের পক্ষ থেকে বিষয়টি নিয়ে বিস্তারিত তদন্ত শুরু করা হয়েছে এবং প্রাথমিক তথ্য অনুযায়ী ঘটনার সঙ্গে জড়িতদের চিহ্নিত করার কাজ চলছে। স্থানীয় বাসিন্দারা জানান, দীর্ঘদিন ধরে এলাকায় এ ধরনের সমস্যা বিরাজ করছিল, কিন্তু কার্যকর কোনো পদক্ষেপ নেওয়া হয়নি। সরকারি কর্মকর্তারা বলছেন, আগামী দিনে পরিস্থিতি স্বাভাবিক করতে প্রয়োজনীয় সব ব্যবস্থা গ্রহণ করা হবে এবং জনগণকে ধৈর্য ধরার আহ্বান জানানো হয়েছে। বিশেষজ্ঞদের মতে, সমন্বিত উদ্যোগ ছাড়া এ সংকট সমাধান সম্ভব নয়।

এদিকে আন্তর্জাতিক মহলেও বিষয়টি নিয়ে উদ্বেগ প্রকাশ করা হয়েছে। বিভিন্ন দেশের প্রতিনিধিরা আলোচনার মাধ্যমে সমাধানের পথ খুঁজে বের করার তাগিদ দিয়েছেন। এক বিবৃতিতে বলা হয়, সংশ্লিষ্ট পক্ষগুলোকে সংযম প্রদর্শন করতে হবে এবং মানবিক সহায়তা নিশ্চিত করতে হবে। সংবাদমাধ্যমের খবরে আরও জানা যায়, আগামী সপ্তাহে এ বিষয়ে উচ্চপর্যায়ের বৈঠক অনুষ্ঠিত হওয়ার কথা রয়েছে।

কৃষি-শিল্পে বিনিয়োগ

প্রতিবেদনে বলা হয়েছে, সংশ্লিষ্ট কর্তৃপক্ষের পক্ষ থেকে বিষয়টি নিয়ে বিস্তারিত তদন্ত শুরু করা হয়েছে এবং প্রাথমিক তথ্য অনুযায়ী ঘটনার সঙ্গে জড়িতদের চিহ্নিত করার কাজ চলছে। স্থানীয় বাসিন্দারা জানান, দীর্ঘদিন ধরে এলাকায় এ ধরনের সমস্যা বিরাজ করছিল, কিন্তু কার্যকর কোনো পদক্ষেপ নেওয়া হয়নি। সরকারি কর্মকর্তারা বলছেন, আগামী দিনে পরিস্থিতি স্বাভাবিক করতে প্রয়োজনীয় সব ব্যবস্থা গ্রহণ করা হবে এবং জনগণকে ধৈর্য ধরার আহ্বান জানানো হয়েছে। বিশেষজ্ঞদের মতে, সমন্বিত উদ্যোগ ছাড়া এ সংকট সমাধান সম্ভব নয়।

এদিকে আন্তর্জাতিক মহলেও বিষয়টি নিয়ে উদ্বেগ প্রকাশ করা হয়েছে। বিভিন্ন দেশের প্রতিনিধিরা আলোচনার মাধ্যমে সমাধানের পথ খুঁজে বের করার তাগিদ দিয়েছেন। এক বিবৃতিতে বলা হয়, সংশ্লিষ্ট পক্ষগুলোকে সংযম প্রদর্শন করতে হবে এবং মানবিক সহায়তা নিশ্চিত করতে হবে। সংবাদমাধ্যমের খবরে আরও জানা যায়, আগামী সপ্তাহে এ বিষয়ে উচ্চপর্যায়ের বৈঠক অনুষ্ঠিত হওয়ার কথা রয়েছে।

ফুয়েল পাসেও কমছে

প্রতিবেদনে বলা হয়েছে, সংশ্লিষ্ট কর্তৃপক্ষের পক্ষ থেকে বিষয়টি নিয়ে বিস্তারিত তদন্ত শুরু করা হয়েছে এবং প্রাথমিক তথ্য অনুযায়ী ঘটনার সঙ্গে জড়িতদের চিহ্নিত করার কাজ চলছে। স্থানীয় বাসিন্দারা জানান, দীর্ঘদিন ধরে এলাকায় এ ধরনের সমস্যা বিরাজ করছিল, কিন্তু কার্যকর কোনো পদক্ষেপ নেওয়া হয়নি। সরকারি কর্মকর্তারা বলছেন, আগামী দিনে পরিস্থিতি স্বাভাবিক করতে প্রয়োজনীয় সব ব্যবস্থা গ্রহণ করা হবে এবং জনগণকে ধৈর্য ধরার আহ্বান জানানো হয়েছে। বিশেষজ্ঞদের মতে, সমন্বিত উদ্যোগ ছাড়া এ সংকট সমাধান সম্ভব নয়।

এদিকে আন্তর্জাতিক মহলেও বিষয়টি নিয়ে উদ্বেগ প্রকাশ করা হয়েছে। বিভিন্ন দেশের প্রতিনিধিরা আলোচনার মাধ্যমে সমাধানের পথ খুঁজে বের করার তাগিদ দিয়েছেন। এক বিবৃতিতে বলা হয়, সংশ্লিষ্ট পক্ষগুলোকে সংযম প্রদর্শন করতে হবে এবং মানবিক সহায়তা নিশ্চিত করতে হবে। সংবাদমাধ্যমের খবরে আরও জানা যায়, আগামী সপ্তাহে এ বিষয়ে উচ্চপর্যায়ের বৈঠক অনুষ্ঠিত হওয়ার কথা রয়েছে।

গণভোটে অস্বীকার

প্রতিবেদনে বলা হয়েছে, সংশ্লিষ্ট কর্তৃপক্ষের পক্ষ থেকে বিষয়টি নিয়ে বিস্তারিত তদন্ত শুরু করা হয়েছে এবং প্রাথমিক তথ্য অনুযায়ী ঘটনার সঙ্গে জড়িতদের চিহ্নিত করার কাজ চলছে। স্থানীয় বাসিন্দারা জানান, দীর্ঘদিন ধরে এলাকায় এ ধরনের সমস্যা বিরাজ করছিল, কিন্তু কার্যকর কোনো পদক্ষেপ নেওয়া হয়নি। সরকারি কর্মকর্তারা বলছেন, আগামী দিনে পরিস্থিতি স্বাভাবিক করতে প্রয়োজনীয় সব ব্যবস্থা গ্রহণ করা হবে এবং জনগণকে ধৈর্য ধরার আহ্বান জানানো হয়েছে। বিশেষজ্ঞদের মতে, সমন্বিত উদ্যোগ ছাড়া এ সংকট সমাধান সম্ভব নয়।

এদিকে আন্তর্জাতিক মহলেও বিষয়টি নিয়ে উদ্বেগ প্রকাশ করা হয়েছে। বিভিন্ন দেশের প্রতিনিধিরা আলোচনার মাধ্যমে সমাধানের পথ খুঁজে বের করার তাগিদ দিয়েছেন। এক বিবৃতিতে বলা হয়, সংশ্লিষ্ট পক্ষগুলোকে সংযম প্রদর্শন করতে হবে এবং মানবিক সহায়তা নিশ্চিত করতে হবে। সংবাদমাধ্যমের খবরে আরও জানা যায়, আগামী সপ্তাহে এ বিষয়ে উচ্চপর্যায়ের বৈঠক অনুষ্ঠিত হওয়ার কথা রয়েছে।

প্রতিবেদনে বলা হয়েছে, সংশ্লিষ্ট কর্তৃপক্ষের পক্ষ থেকে বিষয়টি নিয়ে বিস্তারিত তদন্ত শুরু করা হয়েছে এবং প্রাথমিক তথ্য অনুযায়ী ঘটনার সঙ্গে জড়িতদের চিহ্নিত করার কাজ চলছে। স্থানীয় বাসিন্দারা জানান, দীর্ঘদিন ধরে এলাকায় এ ধরনের সমস্যা বিরাজ করছিল, কিন্তু কার্যকর কোনো পদক্ষেপ নেওয়া হয়নি। সরকারি কর্মকর্তারা বলছেন, আগামী দিনে পরিস্থিতি স্বাভাবিক করতে প্রয়োজনীয় সব ব্যবস্থা গ্রহণ করা হবে এবং জনগণকে ধৈর্য ধরার আহ্বান জানানো হয়েছে। বিশেষজ্ঞদের মতে, সমন্বিত উদ্যোগ ছাড়া এ সংকট সমাধান সম্ভব নয়।

প্রতিবেদনে বলা হয়েছে, সংশ্লিষ্ট কর্তৃপক্ষের পক্ষ থেকে বিষয়টি নিয়ে বিস্তারিত তদন্ত শুরু করা হয়েছে এবং প্রাথমিক তথ্য অনুযায়ী ঘটনার সঙ্গে জড়িতদের চিহ্নিত করার কাজ চলছে। স্থানীয় বাসিন্দারা জানান, দীর্ঘদিন ধরে এলাকায় এ ধরনের সমস্যা বিরাজ করছিল, কিন্তু কার্যকর কোনো পদক্ষেপ নেওয়া হয়নি। সরকারি কর্মকর্তারা বলছেন, আগামী দিনে পরিস্থিতি স্বাভাবিক করতে প্রয়োজনীয় সব ব্যবস্থা গ্রহণ করা হবে এবং জনগণকে ধৈর্য ধরার আহ্বান জানানো হয়েছে। বিশেষজ্ঞদের মতে, সমন্বিত উদ্যোগ ছাড়া এ সংকট সমাধান সম্ভব নয়।

এদিকে আন্তর্জাতিক মহলেও বিষয়টি নিয়ে উদ্বেগ প্রকাশ করা হয়েছে। বিভিন্ন দেশের প্রতিনিধিরা আলোচনার মাধ্যমে সমাধানের পথ খুঁজে বের করার তাগিদ দিয়েছেন। এক বিবৃতিতে বলা হয়, সংশ্লিষ্ট পক্ষগুলোকে সংযম প্রদর্শন করতে হবে এবং মানবিক সহায়তা নিশ্চিত করতে হবে। সংবাদমাধ্যমের খবরে আরও জানা যায়, আগামী সপ্তাহে এ বিষয়ে উচ্চপর্যায়ের বৈঠক অনুষ্ঠিত হওয়ার কথা রয়েছে।

ব্যাংকিং খাতে পুনরায়

প্রতিবেদনে বলা হয়েছে, সংশ্লিষ্ট কর্তৃপক্ষের পক্ষ থেকে বিষয়টি নিয়ে বিস্তারিত তদন্ত শুরু করা হয়েছে এবং প্রাথমিক তথ্য অনুযায়ী ঘটনার সঙ্গে জড়িতদের চিহ্নিত করার কাজ চলছে। স্থানীয় বাসিন্দারা জানান, দীর্ঘদিন ধরে এলাকায় এ ধরনের সমস্যা বিরাজ করছিল, কিন্তু কার্যকর কোনো পদক্ষেপ নেওয়া হয়নি। সরকারি কর্মকর্তারা বলছেন, আগামী দিনে পরিস্থিতি স্বাভাবিক করতে প্রয়োজনীয় সব ব্যবস্থা গ্রহণ করা হবে এবং জনগণকে ধৈর্য ধরার আহ্বান জানানো হয়েছে। বিশেষজ্ঞদের মতে, সমন্বিত উদ্যোগ ছাড়া এ সংকট সমাধান সম্ভব নয়।

এদিকে আন্তর্জাতিক মহলেও বিষয়টি নিয়ে উদ্বেগ প্রকাশ করা হয়েছে। বিভিন্ন দেশের প্রতিনিধিরা আলোচনার মাধ্যমে সমাধানের পথ খুঁজে বের করার তাগিদ দিয়েছেন। এক বিবৃতিতে বলা হয়, সংশ্লিষ্ট পক্ষগুলোকে সংযম প্রদর্শন করতে হবে এবং মানবিক সহায়তা নিশ্চিত করতে হবে। সংবাদমাধ্যমের খবরে আরও জানা যায়, আগামী সপ্তাহে এ বিষয়ে উচ্চপর্যায়ের বৈঠক অনুষ্ঠিত হওয়ার কথা রয়েছে।

প্রতিবেদনে বলা হয়েছে, সংশ্লিষ্ট কর্তৃপক্ষের পক্ষ থেকে বিষয়টি নিয়ে বিস্তারিত তদন্ত শুরু করা হয়েছে এবং প্রাথমিক তথ্য অনুযায়ী ঘটনার সঙ্গে জড়িতদের চিহ্নিত করার কাজ চলছে। স্থানীয় বাসিন্দারা জানান, দীর্ঘদিন ধরে এলাকায় এ ধরনের সমস্যা বিরাজ করছিল, কিন্তু কার্যকর কোনো পদক্ষেপ নেওয়া হয়নি। সরকারি কর্মকর্তারা বলছেন, আগামী দিনে পরিস্থিতি স্বাভাবিক করতে প্রয়োজনীয় সব ব্যবস্থা গ্রহণ করা হবে এবং জনগণকে ধৈর্য ধরার আহ্বান জানানো হয়েছে। বিশেষজ্ঞদের মতে, সমন্বিত উদ্যোগ ছাড়া এ সংকট সমাধান সম্ভব নয়।

এদিকে আন্তর্জাতিক মহলেও বিষয়টি নিয়ে উদ্বেগ প্রকাশ করা হয়েছে। বিভিন্ন দেশের প্রতিনিধিরা আলোচনার মাধ্যমে সমাধানের পথ খুঁজে বের করার তাগিদ দিয়েছেন। এক বিবৃতিতে বলা হয়, সংশ্লিষ্ট পক্ষগুলোকে সংযম প্রদর্শন করতে হবে এবং মানবিক সহায়তা নিশ্চিত করতে হবে। সংবাদমাধ্যমের খবরে আরও জানা যায়, আগামী সপ্তাহে এ বিষয়ে উচ্চপর্যায়ের বৈঠক অনুষ্ঠিত হওয়ার কথা রয়েছে।

ঋণ ও নীতি

প্রতিবেদনে বলা হয়েছে, সংশ্লিষ্ট কর্তৃপক্ষের পক্ষ থেকে বিষয়টি নিয়ে বিস্তারিত তদন্ত শুরু করা হয়েছে এবং প্রাথমিক তথ্য অনুযায়ী ঘটনার সঙ্গে জড়িতদের চিহ্নিত করার কাজ চলছে। স্থানীয় বাসিন্দারা জানান, দীর্ঘদিন ধরে এলাকায় এ ধরনের সমস্যা বিরাজ করছিল, কিন্তু কার্যকর কোনো পদক্ষেপ নেওয়া হয়নি। সরকারি কর্মকর্তারা বলছেন, আগামী দিনে পরিস্থিতি স্বাভাবিক করতে প্রয়োজনীয় সব ব্যবস্থা গ্রহণ করা হবে এবং জনগণকে ধৈর্য ধরার আহ্বান জানানো হয়েছে। বিশেষজ্ঞদের মতে, সমন্বিত উদ্যোগ ছাড়া এ সংকট সমাধান সম্ভব নয়।

বিস্তারিত খবর

এদিকে আন্তর্জাতিক মহলেও বিষয়টি নিয়ে উদ্বেগ প্রকাশ করা হয়েছে। বিভিন্ন দেশের প্রতিনিধিরা আলোচনার মাধ্যমে সমাধানের পথ খুঁজে বের করার তাগিদ দিয়েছেন। এক বিবৃতিতে বলা হয়, সংশ্লিষ্ট পক্ষগুলোকে সংযম প্রদর্শন করতে হবে এবং মানবিক সহায়তা নিশ্চিত করতে হবে। সংবাদমাধ্যমের খবরে আরও জানা যায়, আগামী সপ্তাহে এ বিষয়ে উচ্চপর্যায়ের বৈঠক অনুষ্ঠিত হওয়ার কথা রয়েছে।

নতুন সিদ্ধান্ত ঘোষণা

প্রতিবেদনে বলা হয়েছে, সংশ্লিষ্ট কর্তৃপক্ষের পক্ষ থেকে বিষয়টি নিয়ে বিস্তারিত তদন্ত শুরু করা হয়েছে এবং প্রাথমিক তথ্য অনুযায়ী ঘটনার সঙ্গে জড়িতদের চিহ্নিত করার কাজ চলছে। স্থানীয় বাসিন্দারা জানান, দীর্ঘদিন ধরে এলাকায় এ ধরনের সমস্যা বিরাজ করছিল, কিন্তু কার্যকর কোনো পদক্ষেপ নেওয়া হয়নি। সরকারি কর্মকর্তারা বলছেন, আগামী দিনে পরিস্থিতি স্বাভাবিক করতে প্রয়োজনীয় সব ব্যবস্থা গ্রহণ করা হবে এবং জনগণকে ধৈর্য ধরার আহ্বান জানানো হয়েছে। বিশেষজ্ঞদের মতে, সমন্বিত উদ্যোগ ছাড়া এ সংকট সমাধান সম্ভব নয়।

এদিকে আন্তর্জাতিক মহলেও বিষয়টি নিয়ে উদ্বেগ প্রকাশ করা হয়েছে। বিভিন্ন দেশের প্রতিনিধিরা আলোচনার মাধ্যমে সমাধানের পথ খুঁজে বের করার তাগিদ দিয়েছেন। এক বিবৃতিতে বলা হয়, সংশ্লিষ্ট পক্ষগুলোকে সংযম প্রদর্শন করতে হবে এবং মানবিক সহায়তা নিশ্চিত করতে হবে। সংবাদমাধ্যমের খবরে আরও জানা যায়, আগামী সপ্তাহে এ বিষয়ে উচ্চপর্যায়ের বৈঠক অনুষ্ঠিত হওয়ার কথা রয়েছে।

সংরক্ষিত নারী আসন

প্রতিবেদনে বলা হয়েছে, সংশ্লিষ্ট কর্তৃপক্ষের পক্ষ থেকে বিষয়টি নিয়ে বিস্তারিত তদন্ত শুরু করা হয়েছে এবং প্রাথমিক তথ্য অনুযায়ী ঘটনার সঙ্গে জড়িতদের চিহ্নিত করার কাজ চলছে। স্থানীয় বাসিন্দারা জানান, দীর্ঘদিন ধরে এলাকায় এ ধরনের সমস্যা বিরাজ করছিল, কিন্তু কার্যকর কোনো পদক্ষেপ নেওয়া হয়নি। সরকারি কর্মকর্তারা বলছেন, আগামী দিনে পরিস্থিতি স্বাভাবিক করতে প্রয়োজনীয় সব ব্যবস্থা গ্রহণ করা হবে এবং জনগণকে ধৈর্য ধরার আহ্বান জানানো হয়েছে। বিশেষজ্ঞদের মতে, সমন্বিত উদ্যোগ ছাড়া এ সংকট সমাধান সম্ভব নয়।

এদিকে আন্তর্জাতিক মহলেও বিষয়টি নিয়ে উদ্বেগ প্রকাশ করা হয়েছে। বিভিন্ন দেশের প্রতিনিধিরা আলোচনার মাধ্যমে সমাধানের পথ খুঁজে বের করার তাগিদ দিয়েছেন। এক বিবৃতিতে বলা হয়, সংশ্লিষ্ট পক্ষগুলোকে সংযম প্রদর্শন করতে হবে এবং মানবিক সহায়তা নিশ্চিত করতে হবে। সংবাদমাধ্যমের খবরে আরও জানা যায়, আগামী সপ্তাহে এ বিষয়ে উচ্চপর্যায়ের বৈঠক অনুষ্ঠিত হওয়ার কথা রয়েছে।

প্রতিবেদনে বলা হয়েছে, সংশ্লিষ্ট কর্তৃপক্ষের পক্ষ থেকে বিষয়টি নিয়ে বিস্তারিত তদন্ত শুরু করা হয়েছে এবং প্রাথমিক তথ্য অনুযায়ী ঘটনার সঙ্গে জড়িতদের চিহ্নিত করার কাজ চলছে। স্থানীয় বাসিন্দারা জানান, দীর্ঘদিন ধরে এলাকায় এ ধরনের সমস্যা বিরাজ করছিল, কিন্তু কার্যকর কোনো পদক্ষেপ নেওয়া হয়নি। সরকারি কর্মকর্তারা বলছেন, আগামী দিনে পরিস্থিতি স্বাভাবিক করতে প্রয়োজনীয় সব ব্যবস্থা গ্রহণ করা হবে এবং জনগণকে ধৈর্য ধরার আহ্বান জানানো হয়েছে। বিশেষজ্ঞদের মতে, সমন্বিত উদ্যোগ ছাড়া এ সংকট সমাধান সম্ভব নয়।
